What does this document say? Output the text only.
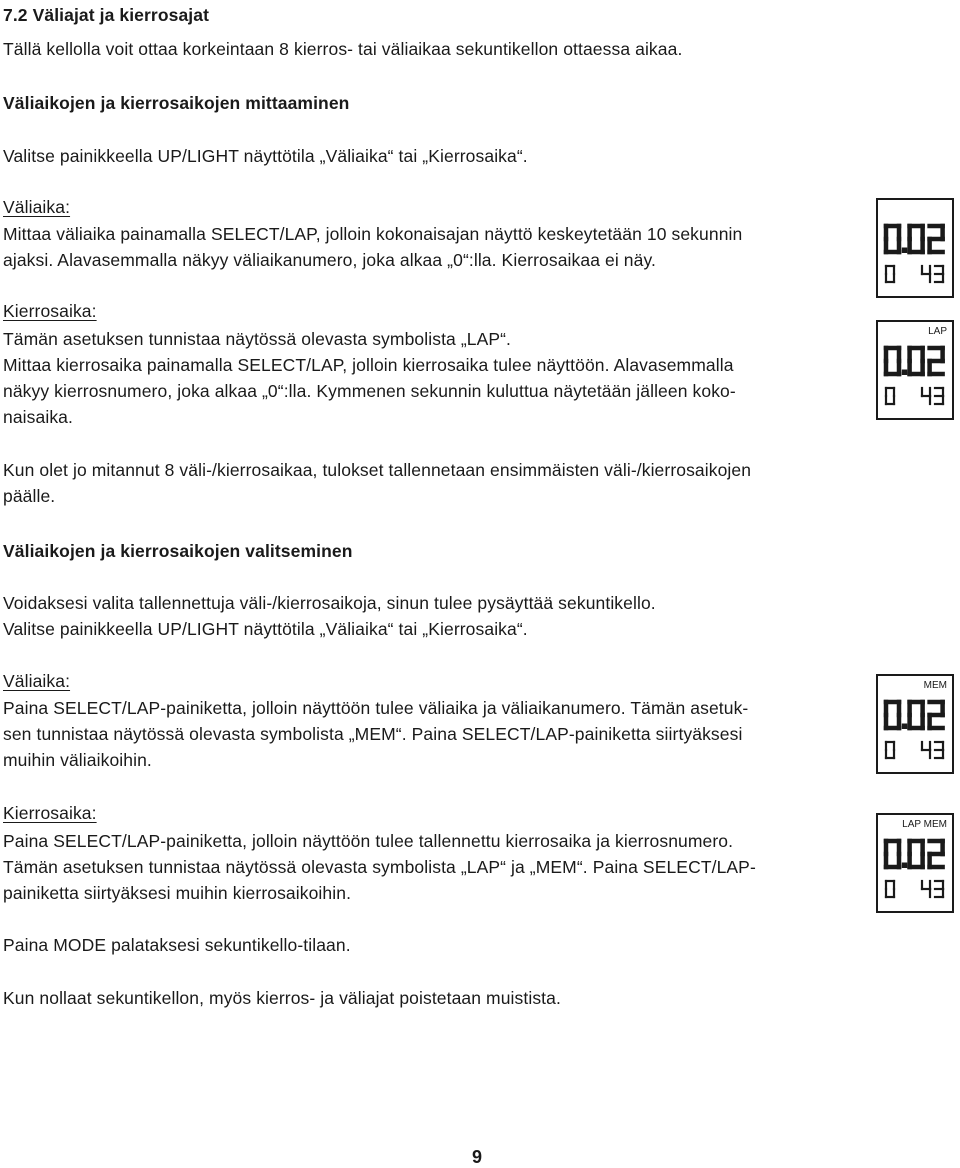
7.2 Väliajat ja kierrosajat
Tällä kellolla voit ottaa korkeintaan 8 kierros- tai väliaikaa sekuntikellon ottaessa aikaa.
Väliaikojen ja kierrosaikojen mittaaminen
Valitse painikkeella UP/LIGHT näyttötila „Väliaika“ tai „Kierrosaika“.
Väliaika:
Mittaa väliaika painamalla SELECT/LAP, jolloin kokonaisajan näyttö keskeytetään 10 sekunnin
ajaksi. Alavasemmalla näkyy väliaikanumero, joka alkaa „0“:lla. Kierrosaikaa ei näy.
Kierrosaika:
Tämän asetuksen tunnistaa näytössä olevasta symbolista „LAP“.
Mittaa kierrosaika painamalla SELECT/LAP, jolloin kierrosaika tulee näyttöön. Alavasemmalla
näkyy kierrosnumero, joka alkaa „0“:lla. Kymmenen sekunnin kuluttua näytetään jälleen koko-
naisaika.
Kun olet jo mitannut 8 väli-/kierrosaikaa, tulokset tallennetaan ensimmäisten väli-/kierrosaikojen
päälle.
Väliaikojen ja kierrosaikojen valitseminen
Voidaksesi valita tallennettuja väli-/kierrosaikoja, sinun tulee pysäyttää sekuntikello.
Valitse painikkeella UP/LIGHT näyttötila „Väliaika“ tai „Kierrosaika“.
Väliaika:
Paina SELECT/LAP-painiketta, jolloin näyttöön tulee väliaika ja väliaikanumero. Tämän asetuk-
sen tunnistaa näytössä olevasta symbolista „MEM“. Paina SELECT/LAP-painiketta siirtyäksesi
muihin väliaikoihin.
Kierrosaika:
Paina SELECT/LAP-painiketta, jolloin näyttöön tulee tallennettu kierrosaika ja kierrosnumero.
Tämän asetuksen tunnistaa näytössä olevasta symbolista „LAP“ ja „MEM“. Paina SELECT/LAP-
painiketta siirtyäksesi muihin kierrosaikoihin.
Paina MODE palataksesi sekuntikello-tilaan.
Kun nollaat sekuntikellon, myös kierros- ja väliajat poistetaan muistista.
LAP
MEM
LAP MEM
9
